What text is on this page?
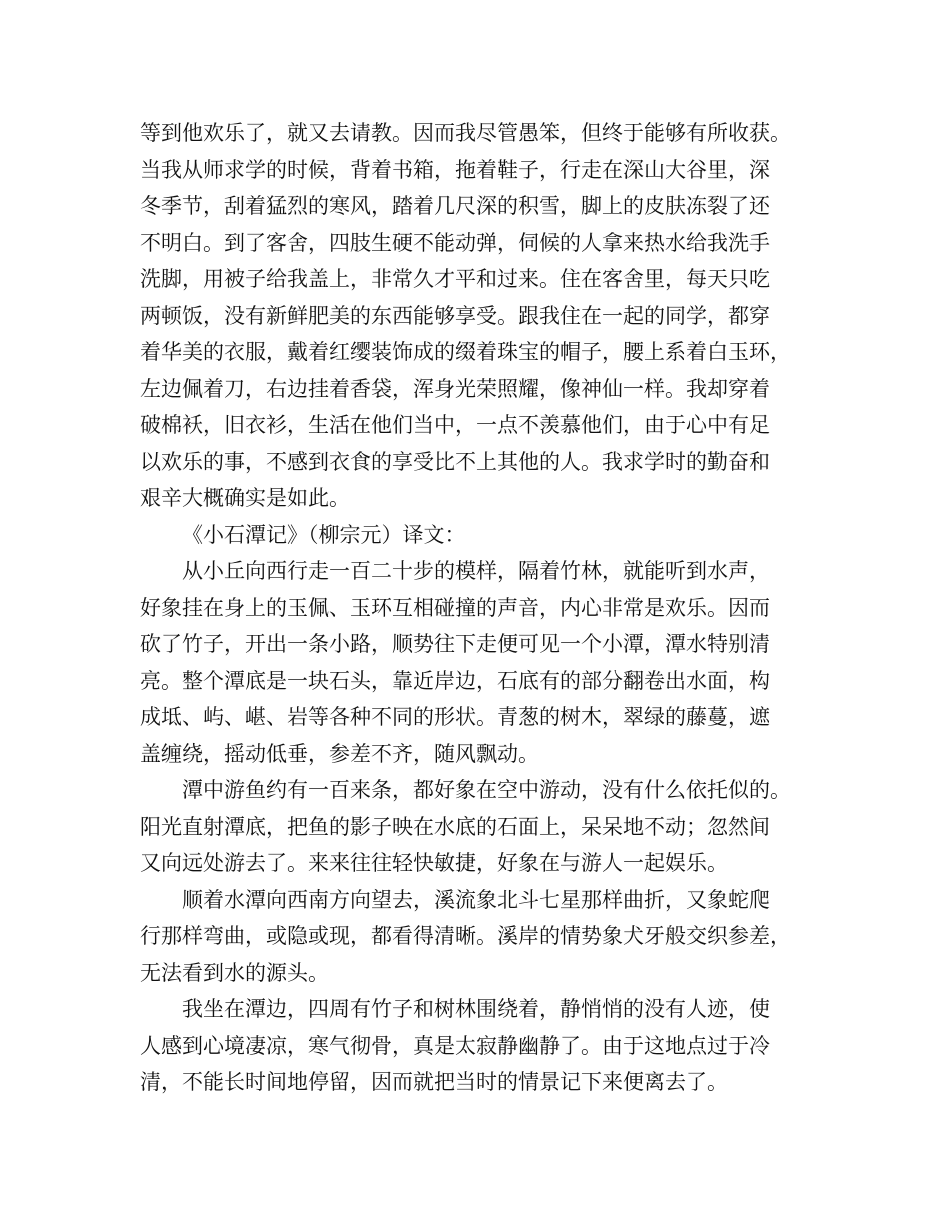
等到他欢乐了，就又去请教。因而我尽管愚笨，但终于能够有所收获。
当我从师求学的时候，背着书箱，拖着鞋子，行走在深山大谷里，深
冬季节，刮着猛烈的寒风，踏着几尺深的积雪，脚上的皮肤冻裂了还
不明白。到了客舍，四肢生硬不能动弹，伺候的人拿来热水给我洗手
洗脚，用被子给我盖上，非常久才平和过来。住在客舍里，每天只吃
两顿饭，没有新鲜肥美的东西能够享受。跟我住在一起的同学，都穿
着华美的衣服，戴着红缨装饰成的缀着珠宝的帽子，腰上系着白玉环，
左边佩着刀，右边挂着香袋，浑身光荣照耀，像神仙一样。我却穿着
破棉袄，旧衣衫，生活在他们当中，一点不羡慕他们，由于心中有足
以欢乐的事，不感到衣食的享受比不上其他的人。我求学时的勤奋和
艰辛大概确实是如此。
《小石潭记》（柳宗元）译文：
从小丘向西行走一百二十步的模样，隔着竹林，就能听到水声，
好象挂在身上的玉佩、玉环互相碰撞的声音，内心非常是欢乐。因而
砍了竹子，开出一条小路，顺势往下走便可见一个小潭，潭水特别清
亮。整个潭底是一块石头，靠近岸边，石底有的部分翻卷出水面，构
成坻、屿、嵁、岩等各种不同的形状。青葱的树木，翠绿的藤蔓，遮
盖缠绕，摇动低垂，参差不齐，随风飘动。
潭中游鱼约有一百来条，都好象在空中游动，没有什么依托似的。
阳光直射潭底，把鱼的影子映在水底的石面上，呆呆地不动；忽然间
又向远处游去了。来来往往轻快敏捷，好象在与游人一起娱乐。
顺着水潭向西南方向望去，溪流象北斗七星那样曲折，又象蛇爬
行那样弯曲，或隐或现，都看得清晰。溪岸的情势象犬牙般交织参差，
无法看到水的源头。
我坐在潭边，四周有竹子和树林围绕着，静悄悄的没有人迹，使
人感到心境凄凉，寒气彻骨，真是太寂静幽静了。由于这地点过于冷
清，不能长时间地停留，因而就把当时的情景记下来便离去了。
